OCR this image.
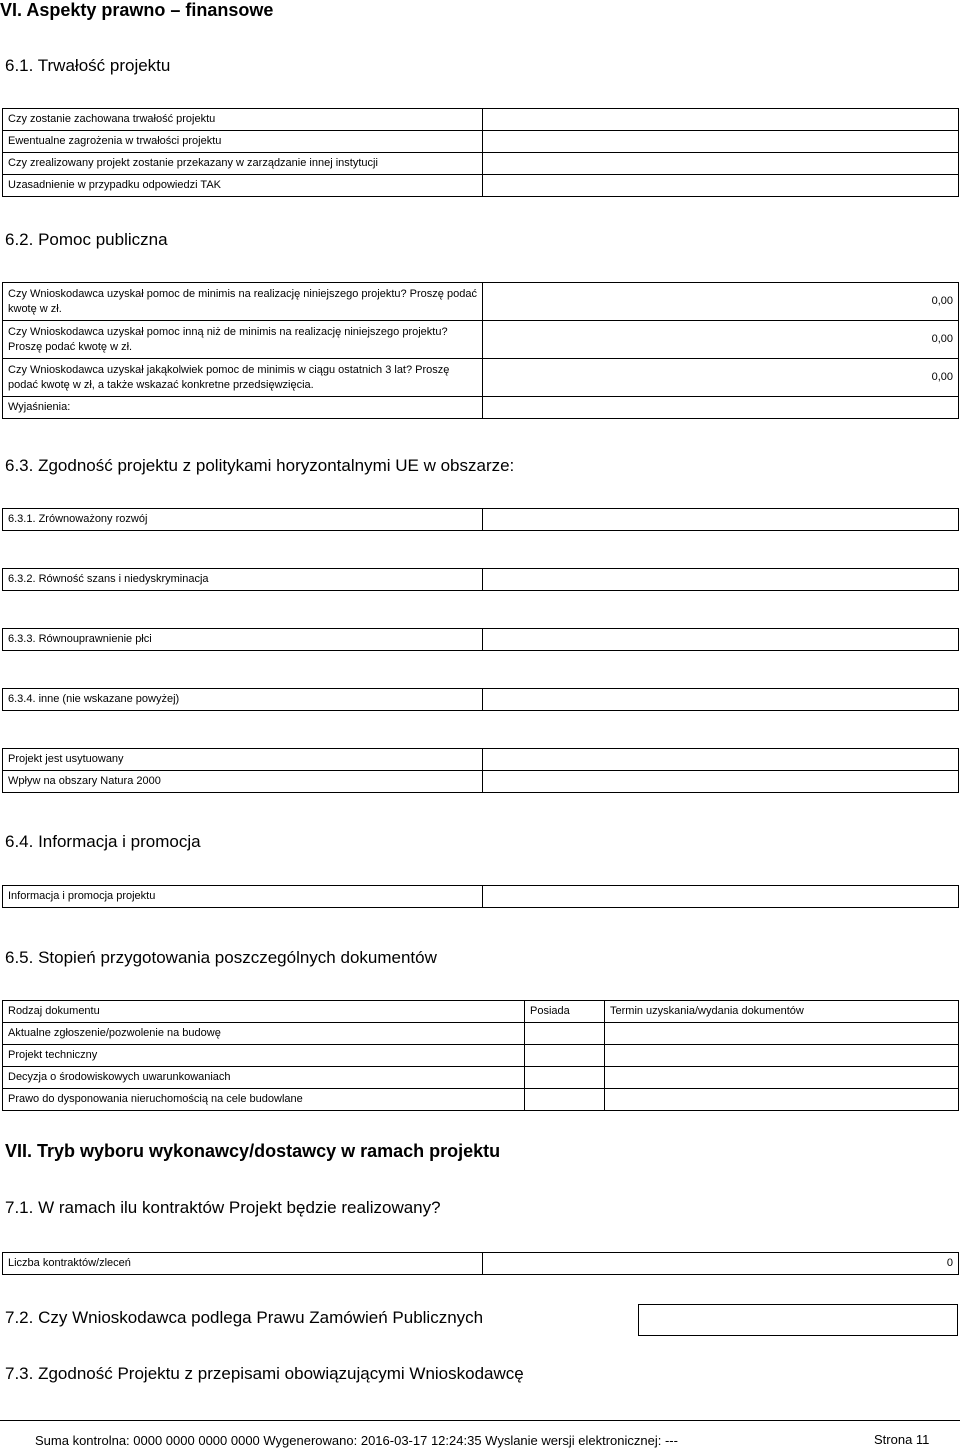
VI. Aspekty prawno – finansowe
6.1. Trwałość projektu
Czy zostanie zachowana trwałość projektu	
Ewentualne zagrożenia w trwałości projektu	
Czy zrealizowany projekt zostanie przekazany w zarządzanie innej instytucji	
Uzasadnienie w przypadku odpowiedzi TAK	
6.2. Pomoc publiczna
Czy Wnioskodawca uzyskał pomoc de minimis na realizację niniejszego projektu? Proszę podać kwotę w zł.	0,00
Czy Wnioskodawca uzyskał pomoc inną niż de minimis na realizację niniejszego projektu? Proszę podać kwotę w zł.	0,00
Czy Wnioskodawca uzyskał jakąkolwiek pomoc de minimis w ciągu ostatnich 3 lat? Proszę podać kwotę w zł, a także wskazać konkretne przedsięwzięcia.	0,00
Wyjaśnienia:	
6.3. Zgodność projektu z politykami horyzontalnymi UE w obszarze:
6.3.1. Zrównoważony rozwój	
6.3.2. Równość szans i niedyskryminacja	
6.3.3. Równouprawnienie płci	
6.3.4. inne (nie wskazane powyżej)	
Projekt jest usytuowany	
Wpływ na obszary Natura 2000	
6.4. Informacja i promocja
Informacja i promocja projektu	
6.5. Stopień przygotowania poszczególnych dokumentów
Rodzaj dokumentu	Posiada	Termin uzyskania/wydania dokumentów
Aktualne zgłoszenie/pozwolenie na budowę		
Projekt techniczny		
Decyzja o środowiskowych uwarunkowaniach		
Prawo do dysponowania nieruchomością na cele budowlane		
VII. Tryb wyboru wykonawcy/dostawcy w ramach projektu
7.1. W ramach ilu kontraktów Projekt będzie realizowany?
Liczba kontraktów/zleceń	0
7.2. Czy Wnioskodawca podlega Prawu Zamówień Publicznych
7.3. Zgodność Projektu z przepisami obowiązującymi Wnioskodawcę
Suma kontrolna: 0000 0000 0000 0000 Wygenerowano: 2016-03-17 12:24:35 Wyslanie wersji elektronicznej: ---	Strona 11
